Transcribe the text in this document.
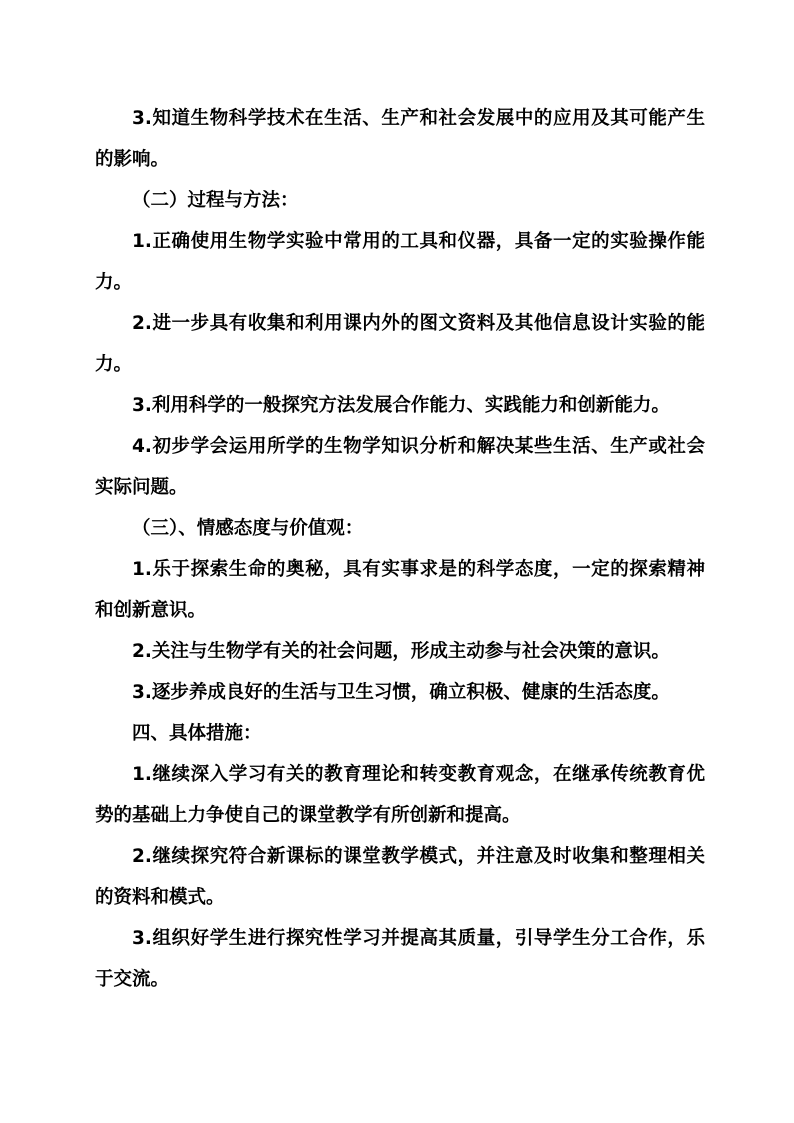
3.知道生物科学技术在生活、生产和社会发展中的应用及其可能产生的影响。

（二）过程与方法：

1.正确使用生物学实验中常用的工具和仪器，具备一定的实验操作能力。

2.进一步具有收集和利用课内外的图文资料及其他信息设计实验的能力。

3.利用科学的一般探究方法发展合作能力、实践能力和创新能力。

4.初步学会运用所学的生物学知识分析和解决某些生活、生产或社会实际问题。

（三）、情感态度与价值观：

1.乐于探索生命的奥秘，具有实事求是的科学态度，一定的探索精神和创新意识。

2.关注与生物学有关的社会问题，形成主动参与社会决策的意识。

3.逐步养成良好的生活与卫生习惯，确立积极、健康的生活态度。

四、具体措施：

1.继续深入学习有关的教育理论和转变教育观念，在继承传统教育优势的基础上力争使自己的课堂教学有所创新和提高。

2.继续探究符合新课标的课堂教学模式，并注意及时收集和整理相关的资料和模式。

3.组织好学生进行探究性学习并提高其质量，引导学生分工合作，乐于交流。
